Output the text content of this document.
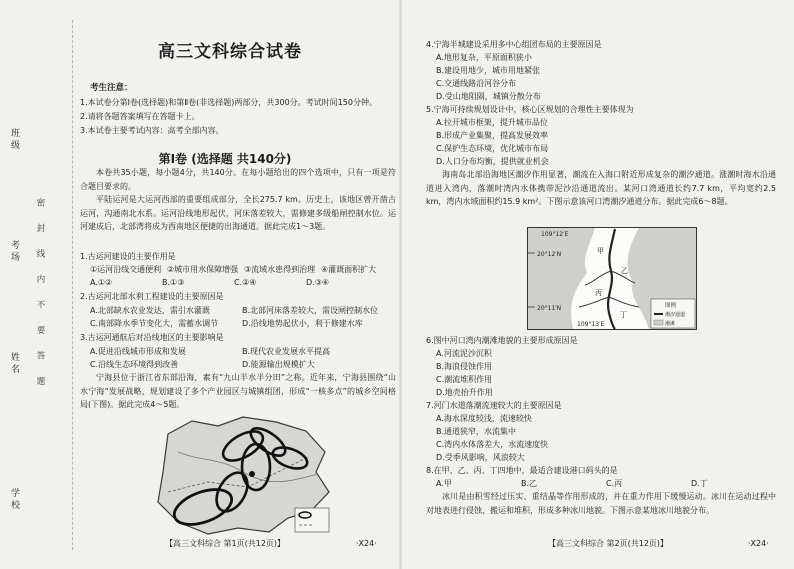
班级
考场
姓名
学校
密封线内不要答题
高三文科综合试卷
考生注意：
1.本试卷分第Ⅰ卷(选择题)和第Ⅱ卷(非选择题)两部分，共300分。考试时间150分钟。
2.请将各题答案填写在答题卡上。
3.本试卷主要考试内容：高考全部内容。
第Ⅰ卷 (选择题 共140分)
本卷共35小题，每小题4分，共140分。在每小题给出的四个选项中，只有一项是符合题目要求的。
平陆运河是大运河西部的重要组成部分，全长275.7 km。历史上，该地区曾开凿古运河，沟通南北水系。运河沿线地形起伏，河床落差较大，需修建多级船闸控制水位。运河建成后，北部湾将成为西南地区便捷的出海通道。据此完成1～3题。
1.古运河建设的主要作用是
①运河沿线交通便利 ②城市用水保障增强 ③流域水患得到治理 ④灌溉面积扩大
A.①②	B.①③	C.②④	D.③④
2.古运河北部水利工程建设的主要原因是
A.北部缺水农业发达，需引水灌溉	B.北部河床落差较大，需设闸控制水位
C.南部降水季节变化大，需蓄水调节	D.沿线地势起伏小，利于修建水库
3.古运河通航后对沿线地区的主要影响是
A.促进沿线城市形成和发展	B.现代农业发展水平提高
C.沿线生态环境得到改善	D.能源输出规模扩大
宁海县位于浙江省东部沿海，素有“九山半水半分田”之称。近年来，宁海县围绕“山水宁海”发展战略，规划建设了多个产业园区与城镇组团，形成“一核多点”的城乡空间格局(下图)。据此完成4～5题。
【高三文科综合 第1页(共12页)】	·X24·
4.宁海半城建设采用多中心组团布局的主要原因是
A.地形复杂，平原面积狭小
B.建设用地少，城市用地紧张
C.交通线路沿河谷分布
D.受山地阻隔，城镇分散分布
5.宁海可持续规划设计中，核心区规划的合理性主要体现为
A.拉开城市框架，提升城市品位
B.形成产业集聚，提高发展效率
C.保护生态环境，优化城市布局
D.人口分布均衡，提供就业机会
海南岛北部沿海地区潮汐作用显著，潮流在入海口附近形成复杂的潮汐通道。涨潮时海水沿通道进入湾内，落潮时湾内水体携带泥沙沿通道流出。某河口湾通道长约7.7 km，平均宽约2.5 km，湾内水域面积约15.9 km²。下图示意该河口湾潮汐通道分布。据此完成6～8题。
109°12′E
20°12′N
20°11′N
109°13′E
甲
乙
丙
丁
图例
潮汐通道
潮滩
6.图中河口湾内潮滩地貌的主要形成原因是
A.河流泥沙沉积
B.海浪侵蚀作用
C.潮流堆积作用
D.地壳抬升作用
7.河门水道落潮流速较大的主要原因是
A.海水深度较浅，流速较快
B.通道狭窄，水流集中
C.湾内水体落差大，水流速度快
D.受季风影响，风浪较大
8.在甲、乙、丙、丁四地中，最适合建设港口码头的是
A.甲	B.乙	C.丙	D.丁
冰川是由积雪经过压实、重结晶等作用形成的，并在重力作用下缓慢运动。冰川在运动过程中对地表进行侵蚀、搬运和堆积，形成多种冰川地貌。下图示意某地冰川地貌分布。
【高三文科综合 第2页(共12页)】	·X24·
